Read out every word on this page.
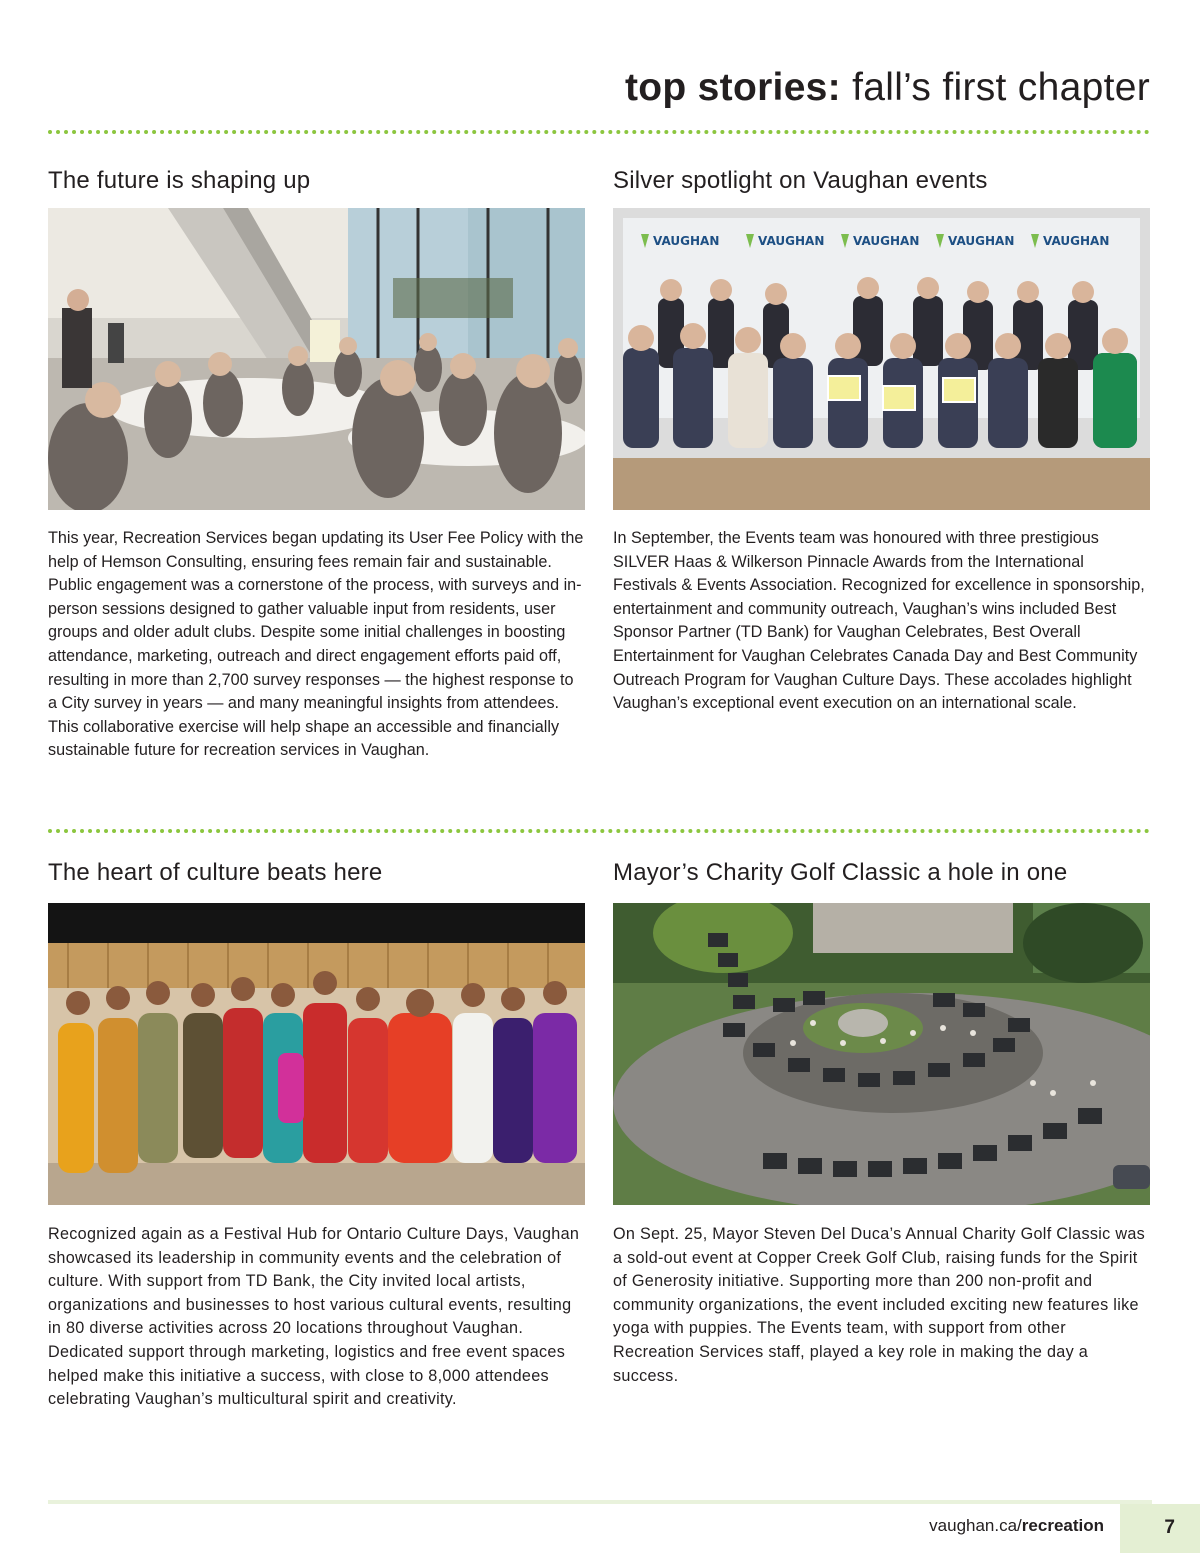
top stories: fall’s first chapter
The future is shaping up

This year, Recreation Services began updating its User Fee Policy with the help of Hemson Consulting, ensuring fees remain fair and sustainable. Public engagement was a cornerstone of the process, with surveys and in-person sessions designed to gather valuable input from residents, user groups and older adult clubs. Despite some initial challenges in boosting attendance, marketing, outreach and direct engagement efforts paid off, resulting in more than 2,700 survey responses — the highest response to a City survey in years — and many meaningful insights from attendees. This collaborative exercise will help shape an accessible and financially sustainable future for recreation services in Vaughan.

Silver spotlight on Vaughan events
VAUGHAN	VAUGHAN VAUGHAN VAUGHAN VAUGHAN

In September, the Events team was honoured with three prestigious SILVER Haas & Wilkerson Pinnacle Awards from the International Festivals & Events Association. Recognized for excellence in sponsorship, entertainment and community outreach, Vaughan’s wins included Best Sponsor Partner (TD Bank) for Vaughan Celebrates, Best Overall Entertainment for Vaughan Celebrates Canada Day and Best Community Outreach Program for Vaughan Culture Days. These accolades highlight Vaughan’s exceptional event execution on an international scale.

The heart of culture beats here

Recognized again as a Festival Hub for Ontario Culture Days, Vaughan showcased its leadership in community events and the celebration of culture. With support from TD Bank, the City invited local artists, organizations and businesses to host various cultural events, resulting in 80 diverse activities across 20 locations throughout Vaughan. Dedicated support through marketing, logistics and free event spaces helped make this initiative a success, with close to 8,000 attendees celebrating Vaughan’s multicultural spirit and creativity.

Mayor’s Charity Golf Classic a hole in one

On Sept. 25, Mayor Steven Del Duca’s Annual Charity Golf Classic was a sold-out event at Copper Creek Golf Club, raising funds for the Spirit of Generosity initiative. Supporting more than 200 non-profit and community organizations, the event included exciting new features like yoga with puppies. The Events team, with support from other Recreation Services staff, played a key role in making the day a success.

vaughan.ca/recreation	7
